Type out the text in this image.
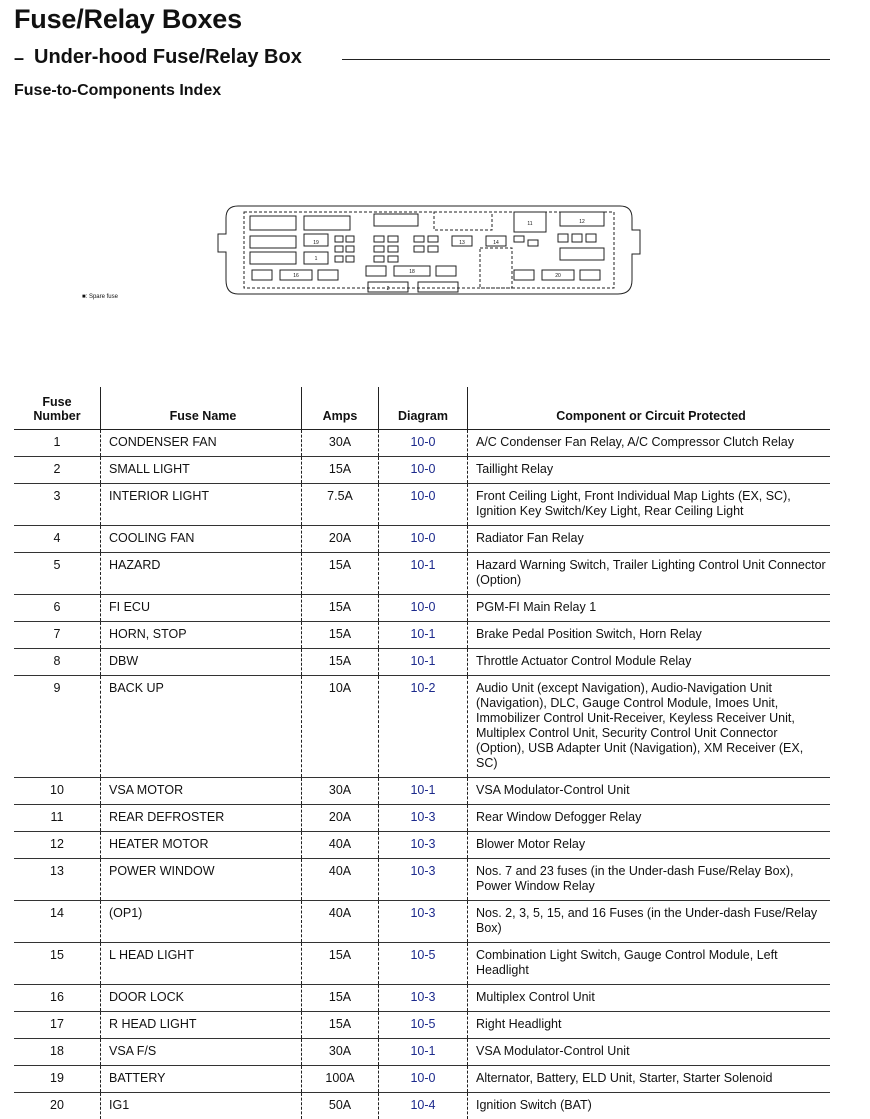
Fuse/Relay Boxes
– Under-hood Fuse/Relay Box
Fuse-to-Components Index
11	12
13	14
16
18
19
20
1
2
■: Spare fuse
Fuse
Number	Fuse Name	Amps	Diagram	Component or Circuit Protected
1	CONDENSER FAN	30A	10-0	A/C Condenser Fan Relay, A/C Compressor Clutch Relay
2	SMALL LIGHT	15A	10-0	Taillight Relay
3	INTERIOR LIGHT	7.5A	10-0	Front Ceiling Light, Front Individual Map Lights (EX, SC), Ignition Key Switch/Key Light, Rear Ceiling Light
4	COOLING FAN	20A	10-0	Radiator Fan Relay
5	HAZARD	15A	10-1	Hazard Warning Switch, Trailer Lighting Control Unit Connector (Option)
6	FI ECU	15A	10-0	PGM-FI Main Relay 1
7	HORN, STOP	15A	10-1	Brake Pedal Position Switch, Horn Relay
8	DBW	15A	10-1	Throttle Actuator Control Module Relay
9	BACK UP	10A	10-2	Audio Unit (except Navigation), Audio-Navigation Unit (Navigation), DLC, Gauge Control Module, Imoes Unit, Immobilizer Control Unit-Receiver, Keyless Receiver Unit, Multiplex Control Unit, Security Control Unit Connector (Option), USB Adapter Unit (Navigation), XM Receiver (EX, SC)
10	VSA MOTOR	30A	10-1	VSA Modulator-Control Unit
11	REAR DEFROSTER	20A	10-3	Rear Window Defogger Relay
12	HEATER MOTOR	40A	10-3	Blower Motor Relay
13	POWER WINDOW	40A	10-3	Nos. 7 and 23 fuses (in the Under-dash Fuse/Relay Box), Power Window Relay
14	(OP1)	40A	10-3	Nos. 2, 3, 5, 15, and 16 Fuses (in the Under-dash Fuse/Relay Box)
15	L HEAD LIGHT	15A	10-5	Combination Light Switch, Gauge Control Module, Left Headlight
16	DOOR LOCK	15A	10-3	Multiplex Control Unit
17	R HEAD LIGHT	15A	10-5	Right Headlight
18	VSA F/S	30A	10-1	VSA Modulator-Control Unit
19	BATTERY	100A	10-0	Alternator, Battery, ELD Unit, Starter, Starter Solenoid
20	IG1	50A	10-4	Ignition Switch (BAT)
